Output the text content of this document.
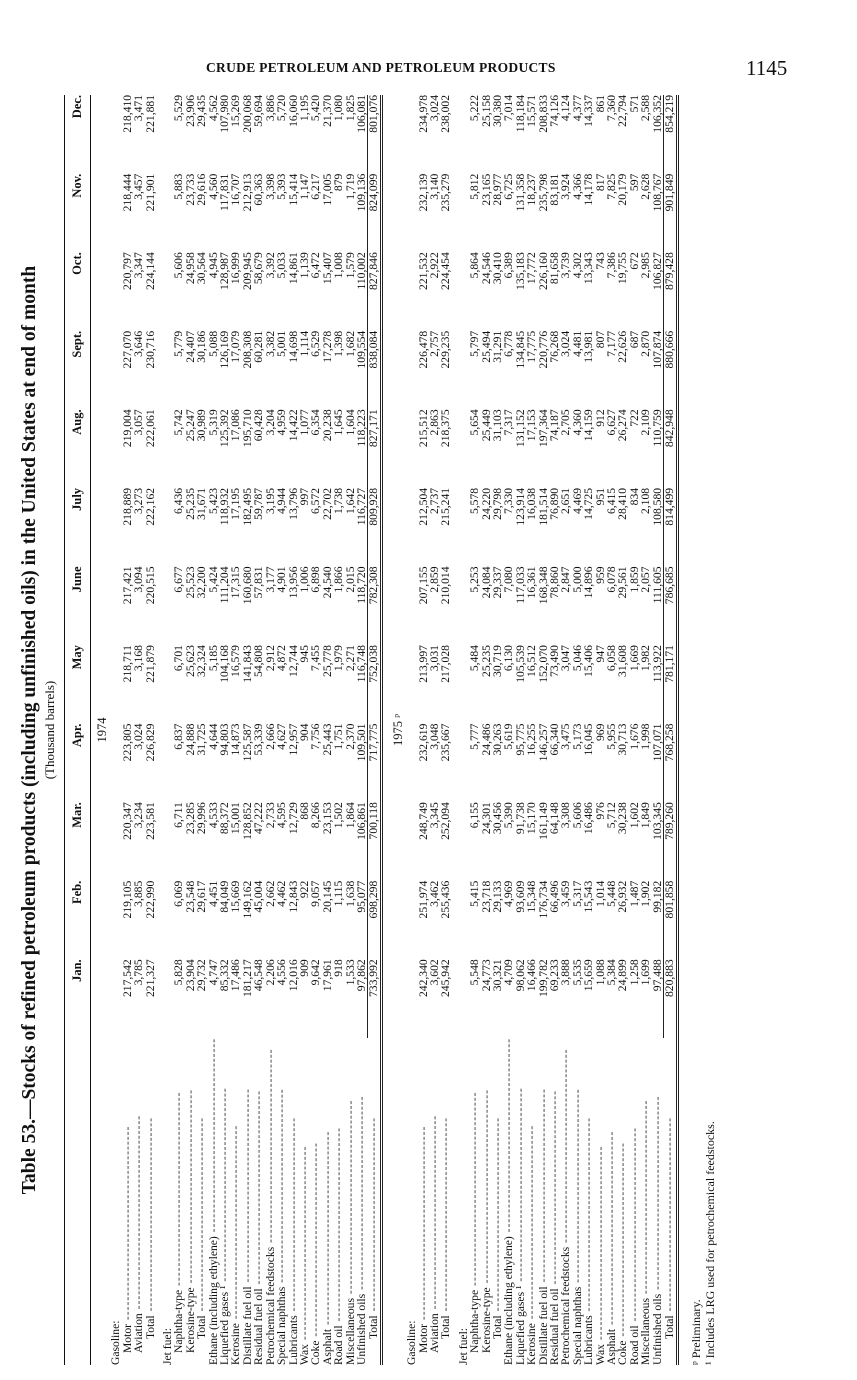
CRUDE PETROLEUM AND PETROLEUM PRODUCTS	1145
Table 53.—Stocks of refined petroleum products (including unfinished oils) in the United States at end of month (Thousand barrels)
	Jan.	Feb.	Mar.	Apr.	May	June	July	Aug.	Sept.	Oct.	Nov.	Dec.
1974												
Gasoline:												
Motor ----------------------------------------	217,542	219,105	220,347	223,805	218,711	217,421	218,889	219,004	227,070	220,797	218,444	218,410
Aviation ----------------------------------------	3,785	3,885	3,234	3,024	3,168	3,094	3,273	3,057	3,646	3,347	3,457	3,471
Total ----------------------------------------	221,327	222,990	223,581	226,829	221,879	220,515	222,162	222,061	230,716	224,144	221,901	221,881

Jet fuel:												
Naphtha-type ----------------------------------------	5,828	6,069	6,711	6,837	6,701	6,677	6,436	5,742	5,779	5,606	5,883	5,529
Kerosine-type ----------------------------------------	23,904	23,548	23,285	24,888	25,623	25,523	25,235	25,247	24,407	24,958	23,733	23,906
Total ----------------------------------------	29,732	29,617	29,996	31,725	32,324	32,200	31,671	30,989	30,186	30,564	29,616	29,435
Ethane (including ethylene) ----------------------------------------	4,747	4,451	4,533	4,644	5,185	5,424	5,423	5,319	5,088	4,945	4,560	4,562
Liquefied gases ¹ ----------------------------------------	85,332	84,049	88,372	94,803	104,168	111,204	118,932	125,392	126,169	128,987	117,831	107,980
Kerosine ----------------------------------------	17,486	15,669	15,001	14,873	16,579	17,315	17,195	17,086	17,079	16,999	16,707	15,269
Distillate fuel oil ----------------------------------------	181,217	149,162	128,852	125,587	141,843	160,680	182,495	195,710	208,308	209,945	212,913	200,068
Residual fuel oil ----------------------------------------	46,548	45,004	47,222	53,339	54,808	57,831	59,787	60,428	60,281	58,679	60,363	59,694
Petrochemical feedstocks ----------------------------------------	2,206	2,662	2,733	2,666	2,912	3,177	3,195	3,204	3,382	3,392	3,398	3,886
Special naphthas ----------------------------------------	4,556	4,462	4,595	4,627	4,872	4,901	4,944	4,959	5,001	5,033	5,393	5,720
Lubricants ----------------------------------------	12,016	12,843	12,729	12,957	12,744	13,956	13,796	14,422	14,698	14,861	15,414	16,060
Wax ----------------------------------------	909	922	868	904	945	1,006	997	1,077	1,114	1,139	1,147	1,195
Coke ----------------------------------------	9,642	9,057	8,266	7,756	7,455	6,898	6,572	6,354	6,529	6,472	6,217	5,420
Asphalt ----------------------------------------	17,961	20,145	23,153	25,443	25,778	24,540	22,702	20,238	17,278	15,407	17,005	21,370
Road oil ----------------------------------------	918	1,115	1,502	1,751	1,979	1,866	1,738	1,645	1,398	1,008	879	1,080
Miscellaneous ----------------------------------------	1,533	1,638	1,864	2,370	2,271	2,015	1,642	1,604	1,682	1,579	1,719	1,825
Unfinished oils ----------------------------------------	97,862	95,077	106,861	109,501	116,748	118,720	116,727	118,223	109,554	110,002	109,136	106,081
Total ----------------------------------------	733,992	698,298	700,118	717,775	752,038	782,308	809,928	827,171	838,084	827,846	824,099	801,076

1975 ᵖ												
Gasoline:												
Motor ----------------------------------------	242,340	251,974	248,749	232,619	213,997	207,155	212,504	215,512	226,478	221,532	232,139	234,978
Aviation ----------------------------------------	3,602	3,462	3,345	3,048	3,031	2,859	2,737	2,863	2,757	2,922	3,140	3,024
Total ----------------------------------------	245,942	255,436	252,094	235,667	217,028	210,014	215,241	218,375	229,235	224,454	235,279	238,002

Jet fuel:												
Naphtha-type ----------------------------------------	5,548	5,415	6,155	5,777	5,484	5,253	5,578	5,654	5,797	5,864	5,812	5,222
Kerosine-type ----------------------------------------	24,773	23,718	24,301	24,486	25,235	24,084	24,220	25,449	25,494	24,546	23,165	25,158
Total ----------------------------------------	30,321	29,133	30,456	30,263	30,719	29,337	29,798	31,103	31,291	30,410	28,977	30,380
Ethane (including ethylene) ----------------------------------------	4,709	4,969	5,390	5,619	6,130	7,080	7,330	7,317	6,778	6,389	6,725	7,014
Liquefied gases ¹ ----------------------------------------	98,062	93,609	91,738	95,775	105,539	117,033	123,914	131,152	134,845	135,183	131,358	118,184
Kerosine ----------------------------------------	16,466	15,348	15,170	16,255	16,512	16,361	16,038	17,153	17,775	17,772	18,237	15,571
Distillate fuel oil ----------------------------------------	199,782	176,734	161,149	146,257	152,070	168,348	181,514	197,364	220,776	226,160	235,798	208,833
Residual fuel oil ----------------------------------------	69,233	66,496	64,148	66,340	73,490	78,860	76,890	74,187	76,268	81,658	83,181	74,126
Petrochemical feedstocks ----------------------------------------	3,888	3,459	3,308	3,475	3,047	2,847	2,651	2,705	3,024	3,739	3,924	4,124
Special naphthas ----------------------------------------	5,535	5,317	5,606	5,173	5,046	5,000	4,469	4,360	4,481	4,302	4,366	4,377
Lubricants ----------------------------------------	15,659	15,543	16,486	16,045	15,406	14,896	14,725	14,159	13,981	13,343	14,178	14,337
Wax ----------------------------------------	1,088	1,014	976	969	947	959	951	912	807	743	817	861
Asphalt ----------------------------------------	5,384	5,448	5,712	5,955	6,058	6,078	6,415	6,627	7,177	7,386	7,825	7,360
Coke ----------------------------------------	24,899	26,932	30,238	30,713	31,608	29,561	28,410	26,274	22,626	19,755	20,179	22,794
Road oil ----------------------------------------	1,258	1,487	1,602	1,676	1,669	1,859	834	722	687	672	597	571
Miscellaneous ----------------------------------------	1,699	1,902	1,849	1,998	1,982	2,057	2,108	2,109	2,870	2,985	2,628	2,588
Unfinished oils ----------------------------------------	97,488	99,182	103,345	107,071	113,922	111,605	108,580	110,759	107,874	106,827	108,767	106,352
Total ----------------------------------------	820,883	801,858	789,260	768,258	781,171	786,685	814,499	842,948	880,666	879,428	901,849	854,219

ᵖ Preliminary. ¹ Includes LRG used for petrochemical feedstocks.
